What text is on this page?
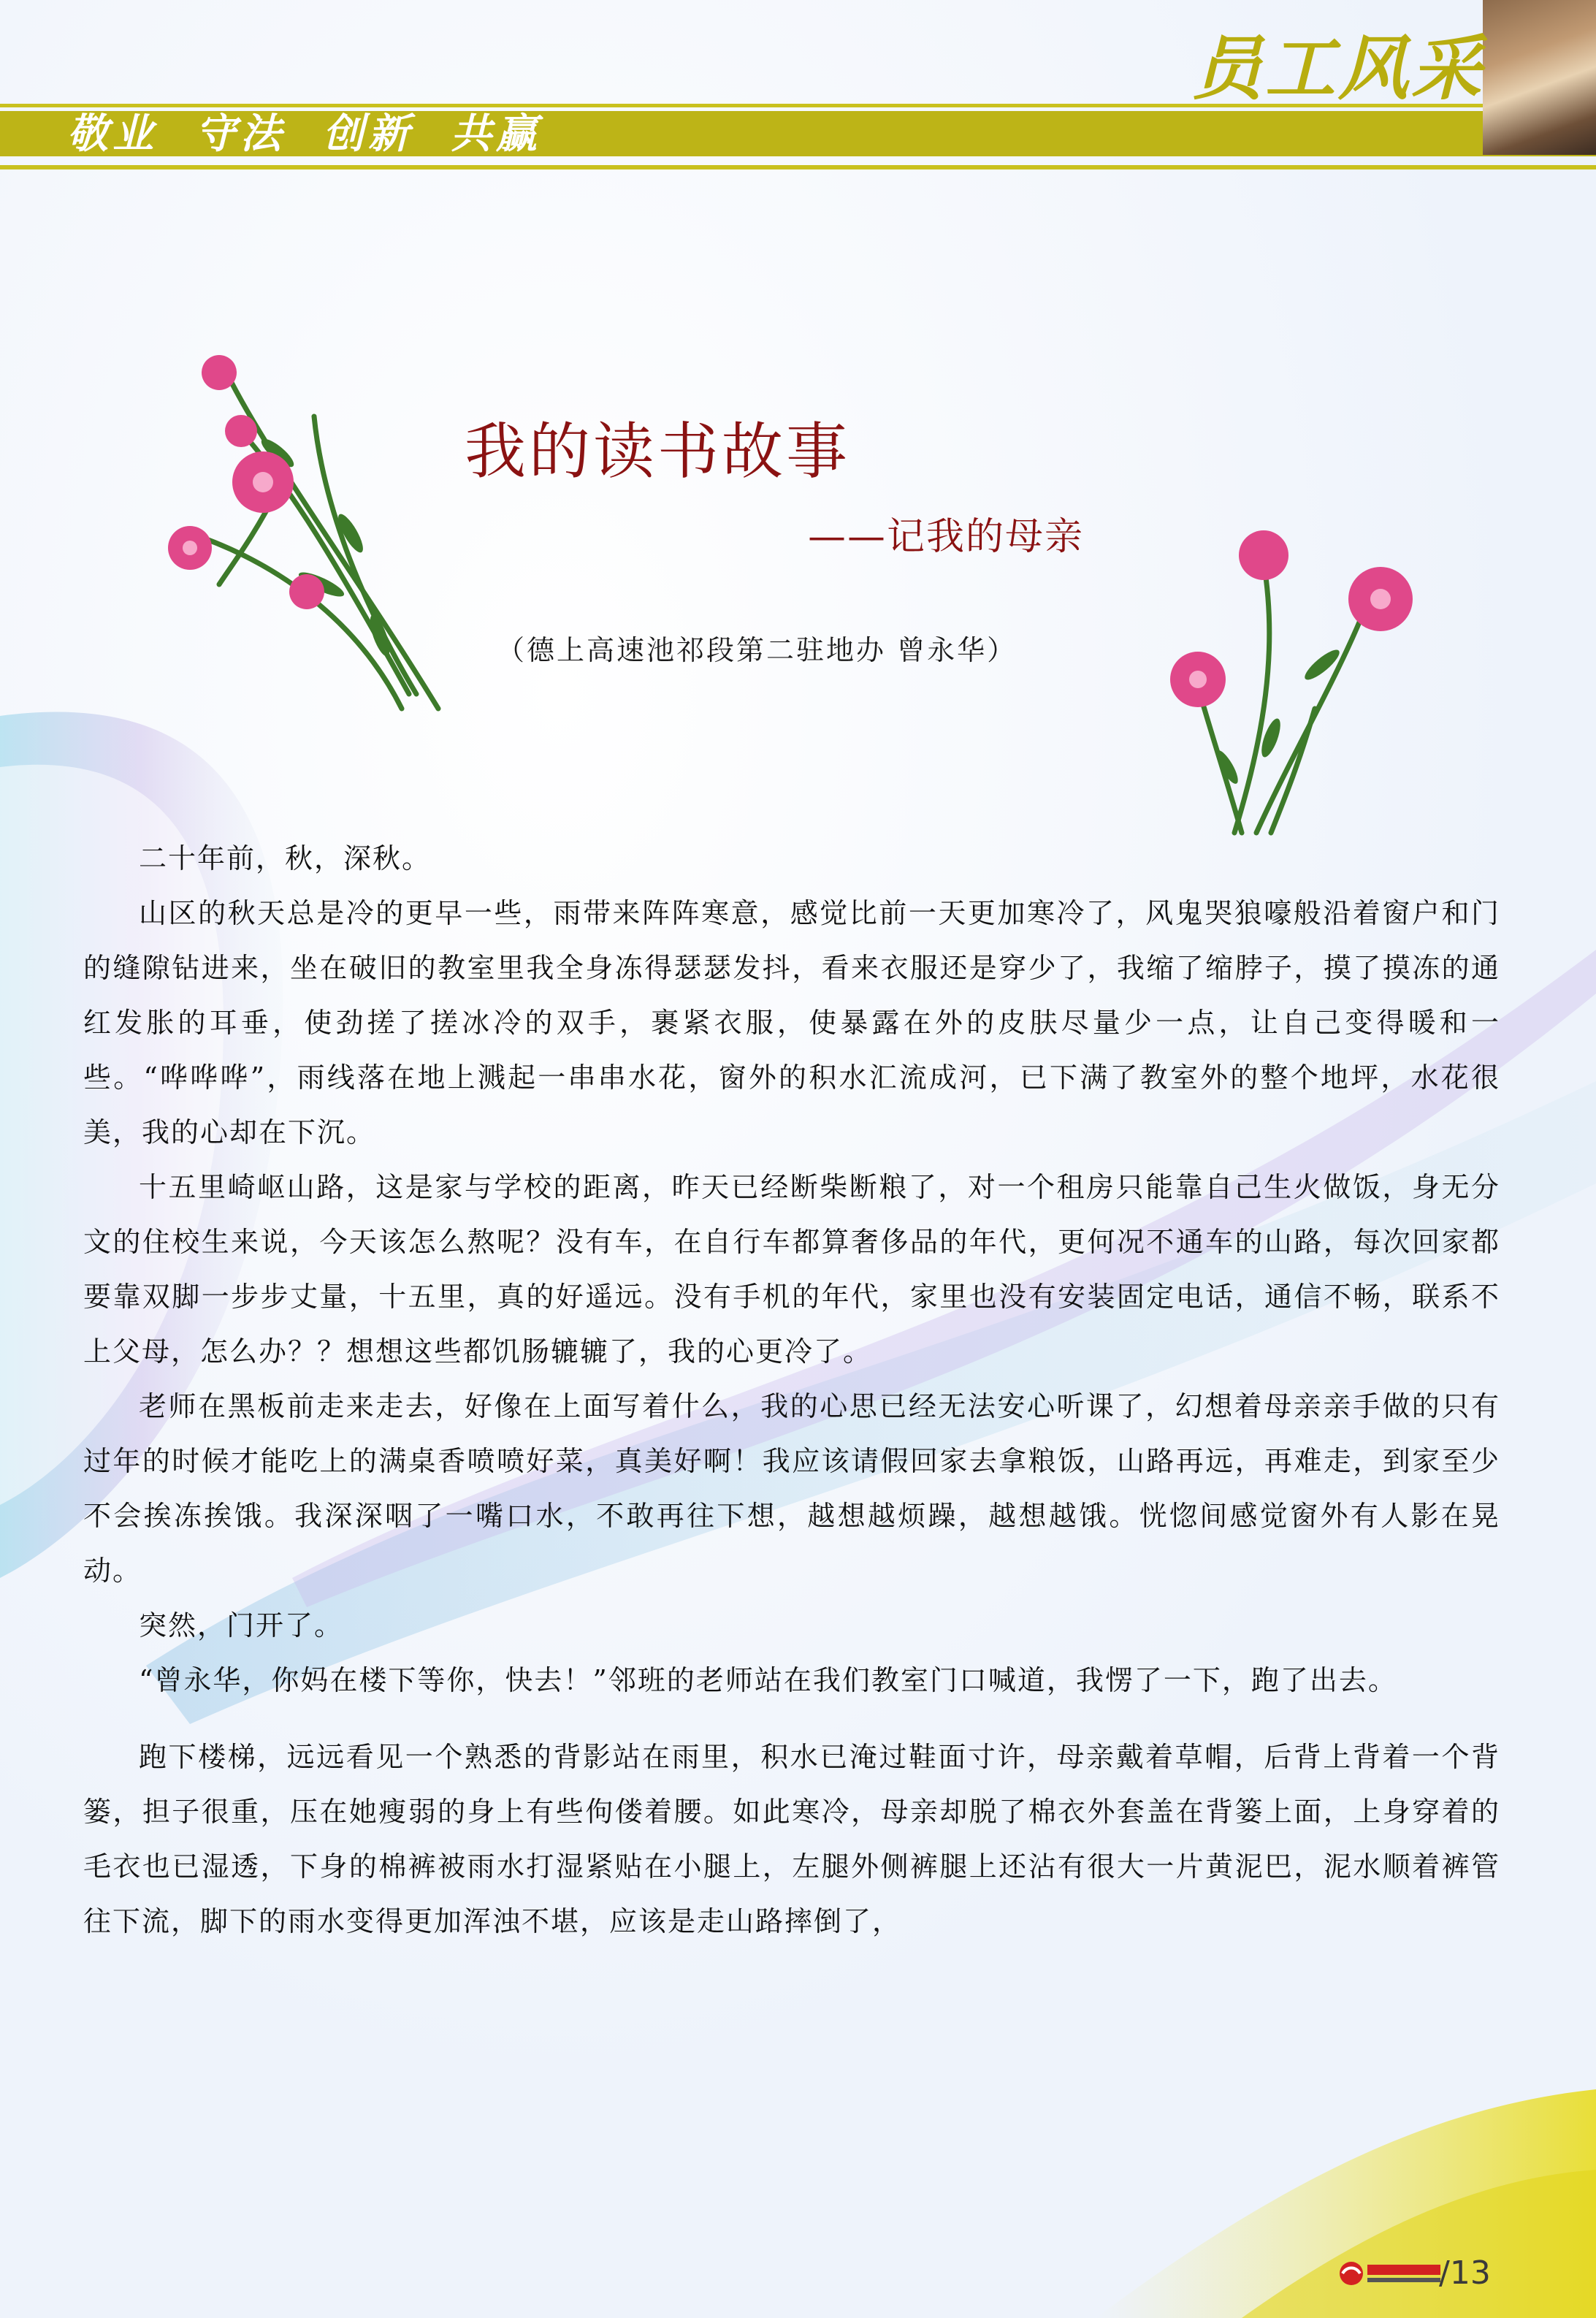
敬业  守法  创新  共赢
员工风采
我的读书故事
——记我的母亲
（德上高速池祁段第二驻地办 曾永华）

二十年前，秋，深秋。

山区的秋天总是冷的更早一些，雨带来阵阵寒意，感觉比前一天更加寒冷了，风鬼哭狼嚎般沿着窗户和门的缝隙钻进来，坐在破旧的教室里我全身冻得瑟瑟发抖，看来衣服还是穿少了，我缩了缩脖子，摸了摸冻的通红发胀的耳垂，使劲搓了搓冰冷的双手，裹紧衣服，使暴露在外的皮肤尽量少一点，让自己变得暖和一些。“哗哗哗”，雨线落在地上溅起一串串水花，窗外的积水汇流成河，已下满了教室外的整个地坪，水花很美，我的心却在下沉。

十五里崎岖山路，这是家与学校的距离，昨天已经断柴断粮了，对一个租房只能靠自己生火做饭，身无分文的住校生来说，今天该怎么熬呢？没有车，在自行车都算奢侈品的年代，更何况不通车的山路，每次回家都要靠双脚一步步丈量，十五里，真的好遥远。没有手机的年代，家里也没有安装固定电话，通信不畅，联系不上父母，怎么办？？想想这些都饥肠辘辘了，我的心更冷了。

老师在黑板前走来走去，好像在上面写着什么，我的心思已经无法安心听课了，幻想着母亲亲手做的只有过年的时候才能吃上的满桌香喷喷好菜，真美好啊！我应该请假回家去拿粮饭，山路再远，再难走，到家至少不会挨冻挨饿。我深深咽了一嘴口水，不敢再往下想，越想越烦躁，越想越饿。恍惚间感觉窗外有人影在晃动。

突然，门开了。

“曾永华，你妈在楼下等你，快去！”邻班的老师站在我们教室门口喊道，我愣了一下，跑了出去。

跑下楼梯，远远看见一个熟悉的背影站在雨里，积水已淹过鞋面寸许，母亲戴着草帽，后背上背着一个背篓，担子很重，压在她瘦弱的身上有些佝偻着腰。如此寒冷，母亲却脱了棉衣外套盖在背篓上面，上身穿着的毛衣也已湿透，下身的棉裤被雨水打湿紧贴在小腿上，左腿外侧裤腿上还沾有很大一片黄泥巴，泥水顺着裤管往下流，脚下的雨水变得更加浑浊不堪，应该是走山路摔倒了，

/13
